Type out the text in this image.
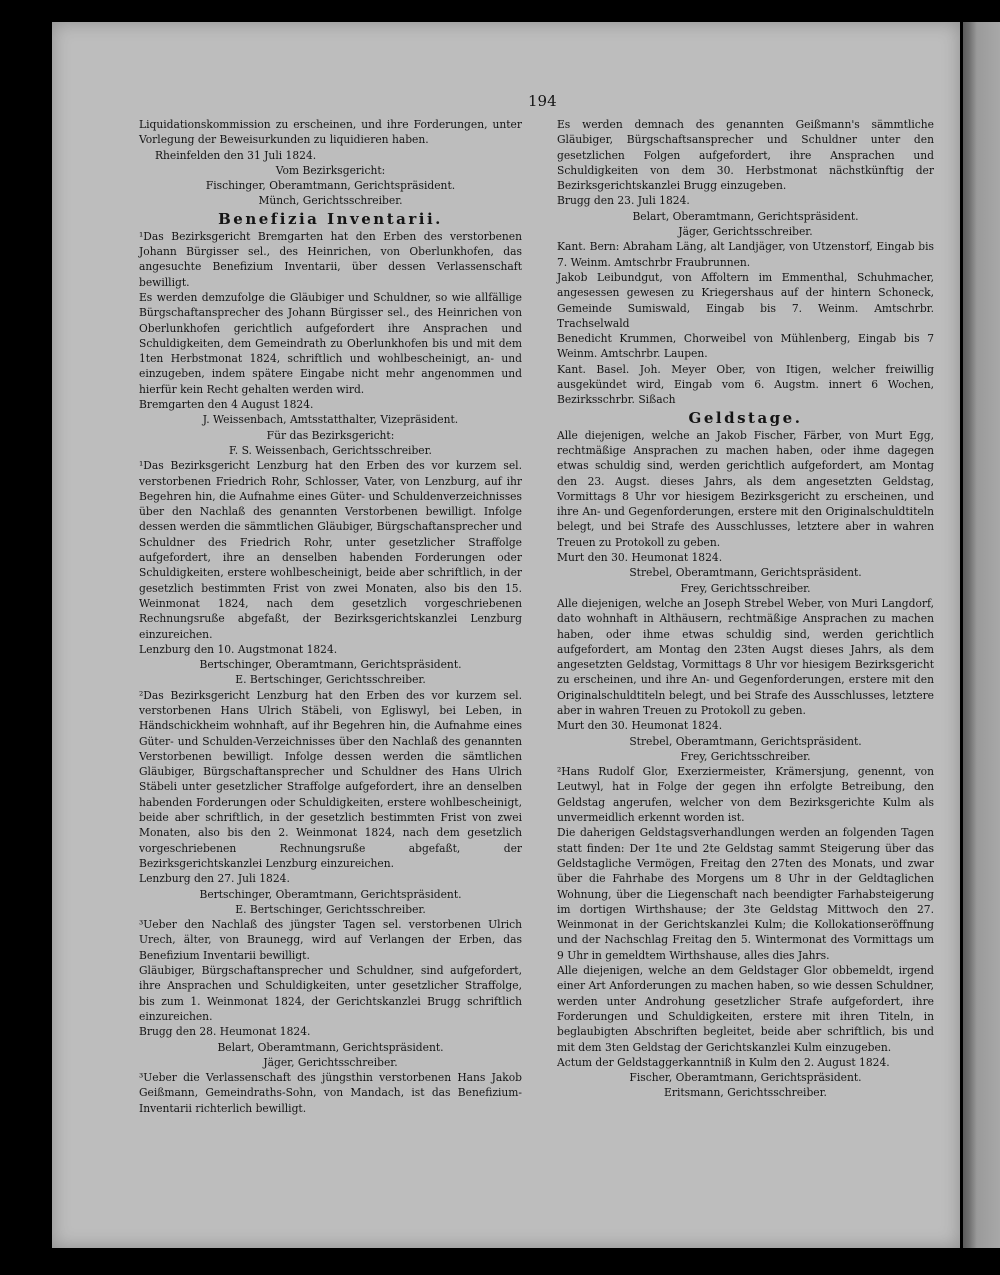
194

Liquidationskommission zu erscheinen, und ihre Forderungen, unter Vorlegung der Beweisurkunden zu liquidieren haben.

Rheinfelden den 31 Juli 1824.

Vom Bezirksgericht:

Fischinger, Oberamtmann, Gerichtspräsident.

Münch, Gerichtsschreiber.

Benefizia Inventarii.

¹Das Bezirksgericht Bremgarten hat den Erben des verstorbenen Johann Bürgisser sel., des Heinrichen, von Oberlunkhofen, das angesuchte Benefizium Inventarii, über dessen Verlassenschaft bewilligt.

Es werden demzufolge die Gläubiger und Schuldner, so wie allfällige Bürgschaftansprecher des Johann Bürgisser sel., des Heinrichen von Oberlunkhofen gerichtlich aufgefordert ihre Ansprachen und Schuldigkeiten, dem Gemeindrath zu Oberlunkhofen bis und mit dem 1ten Herbstmonat 1824, schriftlich und wohlbescheinigt, an- und einzugeben, indem spätere Eingabe nicht mehr angenommen und hierfür kein Recht gehalten werden wird.

Bremgarten den 4 August 1824.

J. Weissenbach, Amtsstatthalter, Vizepräsident.

Für das Bezirksgericht:

F. S. Weissenbach, Gerichtsschreiber.

¹Das Bezirksgericht Lenzburg hat den Erben des vor kurzem sel. verstorbenen Friedrich Rohr, Schlosser, Vater, von Lenzburg, auf ihr Begehren hin, die Aufnahme eines Güter- und Schuldenverzeichnisses über den Nachlaß des genannten Verstorbenen bewilligt. Infolge dessen werden die sämmtlichen Gläubiger, Bürgschaftansprecher und Schuldner des Friedrich Rohr, unter gesetzlicher Straffolge aufgefordert, ihre an denselben habenden Forderungen oder Schuldigkeiten, erstere wohlbescheinigt, beide aber schriftlich, in der gesetzlich bestimmten Frist von zwei Monaten, also bis den 15. Weinmonat 1824, nach dem gesetzlich vorgeschriebenen Rechnungsruße abgefaßt, der Bezirksgerichtskanzlei Lenzburg einzureichen.

Lenzburg den 10. Augstmonat 1824.

Bertschinger, Oberamtmann, Gerichtspräsident.

E. Bertschinger, Gerichtsschreiber.

²Das Bezirksgericht Lenzburg hat den Erben des vor kurzem sel. verstorbenen Hans Ulrich Stäbeli, von Egliswyl, bei Leben, in Händschickheim wohnhaft, auf ihr Begehren hin, die Aufnahme eines Güter- und Schulden-Verzeichnisses über den Nachlaß des genannten Verstorbenen bewilligt. Infolge dessen werden die sämtlichen Gläubiger, Bürgschaftansprecher und Schuldner des Hans Ulrich Stäbeli unter gesetzlicher Straffolge aufgefordert, ihre an denselben habenden Forderungen oder Schuldigkeiten, erstere wohlbescheinigt, beide aber schriftlich, in der gesetzlich bestimmten Frist von zwei Monaten, also bis den 2. Weinmonat 1824, nach dem gesetzlich vorgeschriebenen Rechnungsruße abgefaßt, der Bezirksgerichtskanzlei Lenzburg einzureichen.

Lenzburg den 27. Juli 1824.

Bertschinger, Oberamtmann, Gerichtspräsident.

E. Bertschinger, Gerichtsschreiber.

³Ueber den Nachlaß des jüngster Tagen sel. verstorbenen Ulrich Urech, älter, von Braunegg, wird auf Verlangen der Erben, das Benefizium Inventarii bewilligt.

Gläubiger, Bürgschaftansprecher und Schuldner, sind aufgefordert, ihre Ansprachen und Schuldigkeiten, unter gesetzlicher Straffolge, bis zum 1. Weinmonat 1824, der Gerichtskanzlei Brugg schriftlich einzureichen.

Brugg den 28. Heumonat 1824.

Belart, Oberamtmann, Gerichtspräsident.

Jäger, Gerichtsschreiber.

³Ueber die Verlassenschaft des jüngsthin verstorbenen Hans Jakob Geißmann, Gemeindraths-Sohn, von Mandach, ist das Benefizium-Inventarii richterlich bewilligt.

Es werden demnach des genannten Geißmann's sämmtliche Gläubiger, Bürgschaftsansprecher und Schuldner unter den gesetzlichen Folgen aufgefordert, ihre Ansprachen und Schuldigkeiten von dem 30. Herbstmonat nächstkünftig der Bezirksgerichtskanzlei Brugg einzugeben.

Brugg den 23. Juli 1824.

Belart, Oberamtmann, Gerichtspräsident.

Jäger, Gerichtsschreiber.

Kant. Bern: Abraham Läng, alt Landjäger, von Utzenstorf, Eingab bis 7. Weinm. Amtschrbr Fraubrunnen.

Jakob Leibundgut, von Affoltern im Emmenthal, Schuhmacher, angesessen gewesen zu Kriegershaus auf der hintern Schoneck, Gemeinde Sumiswald, Eingab bis 7. Weinm. Amtschrbr. Trachselwald

Benedicht Krummen, Chorweibel von Mühlenberg, Eingab bis 7 Weinm. Amtschrbr. Laupen.

Kant. Basel. Joh. Meyer Ober, von Itigen, welcher freiwillig ausgekündet wird, Eingab vom 6. Augstm. innert 6 Wochen, Bezirksschrbr. Sißach

Geldstage.

Alle diejenigen, welche an Jakob Fischer, Färber, von Murt Egg, rechtmäßige Ansprachen zu machen haben, oder ihme dagegen etwas schuldig sind, werden gerichtlich aufgefordert, am Montag den 23. Augst. dieses Jahrs, als dem angesetzten Geldstag, Vormittags 8 Uhr vor hiesigem Bezirksgericht zu erscheinen, und ihre An- und Gegenforderungen, erstere mit den Originalschuldtiteln belegt, und bei Strafe des Ausschlusses, letztere aber in wahren Treuen zu Protokoll zu geben.

Murt den 30. Heumonat 1824.

Strebel, Oberamtmann, Gerichtspräsident.

Frey, Gerichtsschreiber.

Alle diejenigen, welche an Joseph Strebel Weber, von Muri Langdorf, dato wohnhaft in Althäusern, rechtmäßige Ansprachen zu machen haben, oder ihme etwas schuldig sind, werden gerichtlich aufgefordert, am Montag den 23ten Augst dieses Jahrs, als dem angesetzten Geldstag, Vormittags 8 Uhr vor hiesigem Bezirksgericht zu erscheinen, und ihre An- und Gegenforderungen, erstere mit den Originalschuldtiteln belegt, und bei Strafe des Ausschlusses, letztere aber in wahren Treuen zu Protokoll zu geben.

Murt den 30. Heumonat 1824.

Strebel, Oberamtmann, Gerichtspräsident.

Frey, Gerichtsschreiber.

²Hans Rudolf Glor, Exerziermeister, Krämersjung, genennt, von Leutwyl, hat in Folge der gegen ihn erfolgte Betreibung, den Geldstag angerufen, welcher von dem Bezirksgerichte Kulm als unvermeidlich erkennt worden ist.

Die daherigen Geldstagsverhandlungen werden an folgenden Tagen statt finden: Der 1te und 2te Geldstag sammt Steigerung über das Geldstagliche Vermögen, Freitag den 27ten des Monats, und zwar über die Fahrhabe des Morgens um 8 Uhr in der Geldtaglichen Wohnung, über die Liegenschaft nach beendigter Farhabsteigerung im dortigen Wirthshause; der 3te Geldstag Mittwoch den 27. Weinmonat in der Gerichtskanzlei Kulm; die Kollokationseröffnung und der Nachschlag Freitag den 5. Wintermonat des Vormittags um 9 Uhr in gemeldtem Wirthshause, alles dies Jahrs.

Alle diejenigen, welche an dem Geldstager Glor obbemeldt, irgend einer Art Anforderungen zu machen haben, so wie dessen Schuldner, werden unter Androhung gesetzlicher Strafe aufgefordert, ihre Forderungen und Schuldigkeiten, erstere mit ihren Titeln, in beglaubigten Abschriften begleitet, beide aber schriftlich, bis und mit dem 3ten Geldstag der Gerichtskanzlei Kulm einzugeben.

Actum der Geldstaggerkanntniß in Kulm den 2. August 1824.

Fischer, Oberamtmann, Gerichtspräsident.

Eritsmann, Gerichtsschreiber.
